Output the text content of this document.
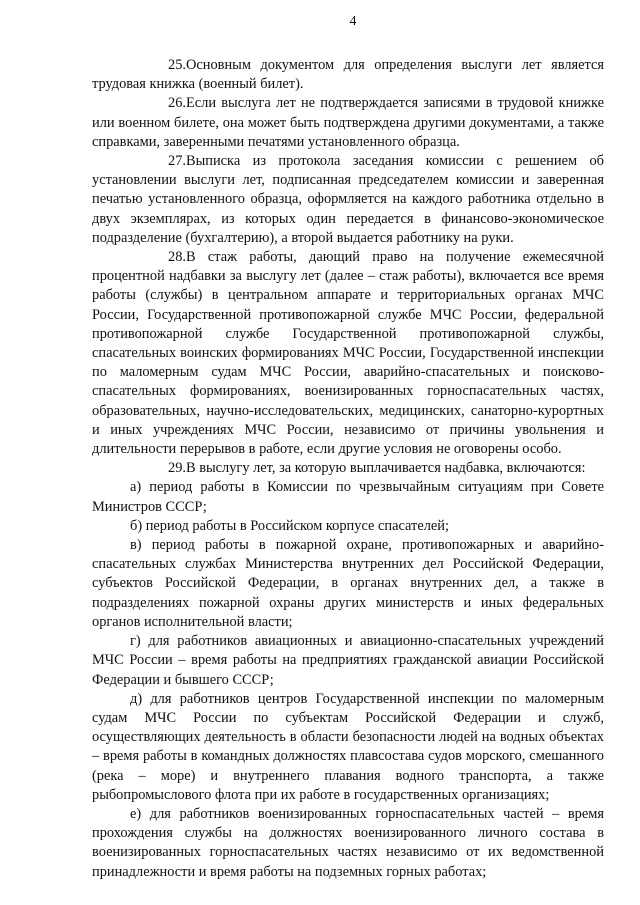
4

25.Основным документом для определения выслуги лет является трудовая книжка (военный билет).

26.Если выслуга лет не подтверждается записями в трудовой книжке или военном билете, она может быть подтверждена другими документами, а также справками, заверенными печатями установленного образца.

27.Выписка из протокола заседания комиссии с решением об установлении выслуги лет, подписанная председателем комиссии и заверенная печатью установленного образца, оформляется на каждого работника отдельно в двух экземплярах, из которых один передается в финансово-экономическое подразделение (бухгалтерию), а второй выдается работнику на руки.

28.В стаж работы, дающий право на получение ежемесячной процентной надбавки за выслугу лет (далее – стаж работы), включается все время работы (службы) в центральном аппарате и территориальных органах МЧС России, Государственной противопожарной службе МЧС России, федеральной противопожарной службе Государственной противопожарной службы, спасательных воинских формированиях МЧС России, Государственной инспекции по маломерным судам МЧС России, аварийно-спасательных и поисково-спасательных формированиях, военизированных горноспасательных частях, образовательных, научно-исследовательских, медицинских, санаторно-курортных и иных учреждениях МЧС России, независимо от причины увольнения и длительности перерывов в работе, если другие условия не оговорены особо.

29.В выслугу лет, за которую выплачивается надбавка, включаются:

а) период работы в Комиссии по чрезвычайным ситуациям при Совете Министров СССР;

б) период работы в Российском корпусе спасателей;

в) период работы в пожарной охране, противопожарных и аварийно-спасательных службах Министерства внутренних дел Российской Федерации, субъектов Российской Федерации, в органах внутренних дел, а также в подразделениях пожарной охраны других министерств и иных федеральных органов исполнительной власти;

г) для работников авиационных и авиационно-спасательных учреждений МЧС России – время работы на предприятиях гражданской авиации Российской Федерации и бывшего СССР;

д) для работников центров Государственной инспекции по маломерным судам МЧС России по субъектам Российской Федерации и служб, осуществляющих деятельность в области безопасности людей на водных объектах – время работы в командных должностях плавсостава судов морского, смешанного (река – море) и внутреннего плавания водного транспорта, а также рыбопромыслового флота при их работе в государственных организациях;

е) для работников военизированных горноспасательных частей – время прохождения службы на должностях военизированного личного состава в военизированных горноспасательных частях независимо от их ведомственной принадлежности и время работы на подземных горных работах;
